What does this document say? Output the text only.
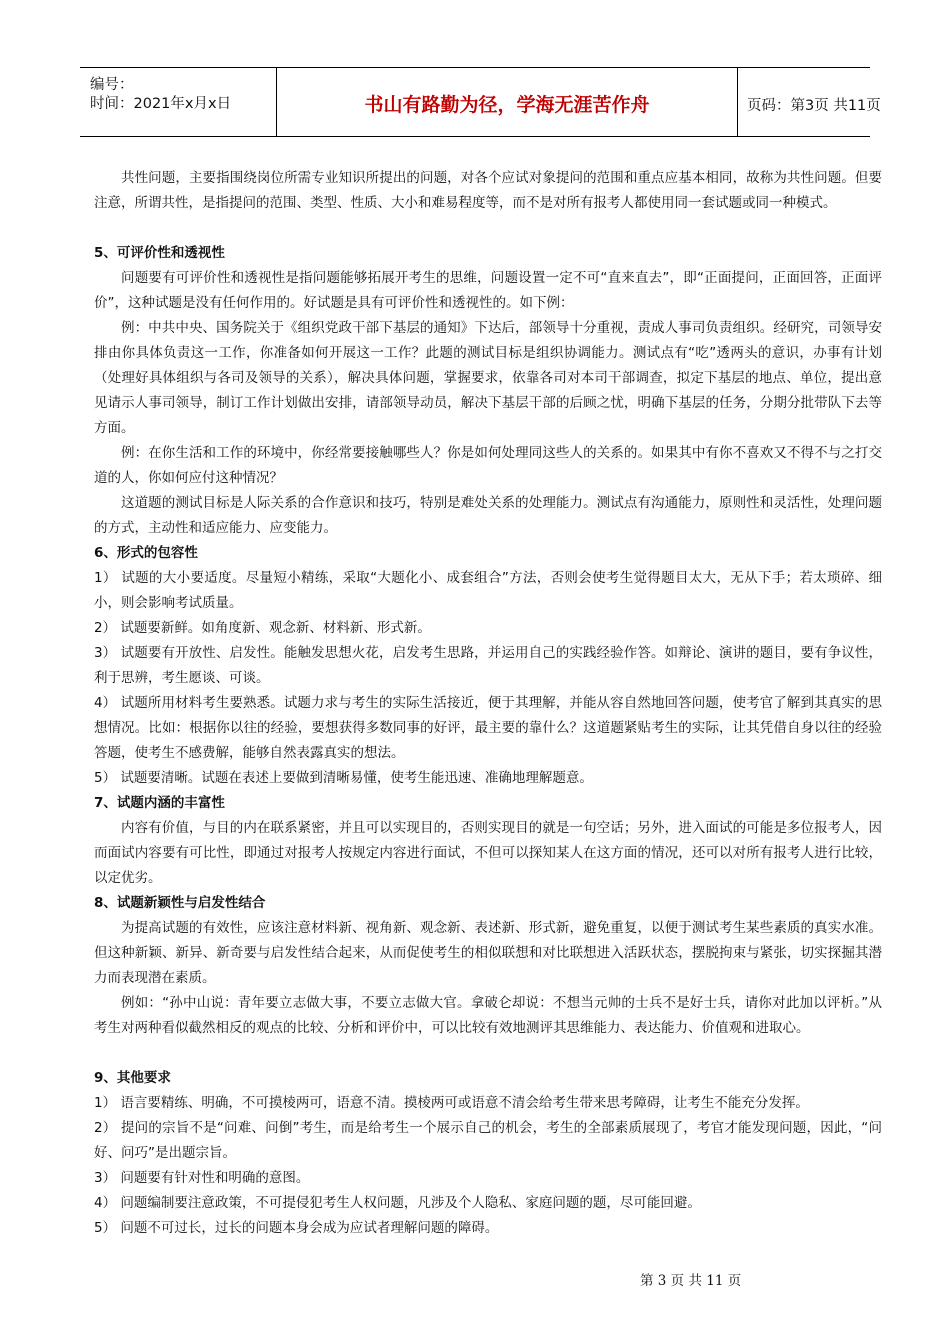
编号：
时间：2021年x月x日	书山有路勤为径，学海无涯苦作舟	页码：第3页 共11页

共性问题，主要指围绕岗位所需专业知识所提出的问题，对各个应试对象提问的范围和重点应基本相同，故称为共性问题。但要注意，所谓共性，是指提问的范围、类型、性质、大小和难易程度等，而不是对所有报考人都使用同一套试题或同一种模式。

5、可评价性和透视性

问题要有可评价性和透视性是指问题能够拓展开考生的思维，问题设置一定不可“直来直去”，即“正面提问，正面回答，正面评价”，这种试题是没有任何作用的。好试题是具有可评价性和透视性的。如下例：

例：中共中央、国务院关于《组织党政干部下基层的通知》下达后，部领导十分重视，责成人事司负责组织。经研究，司领导安排由你具体负责这一工作，你准备如何开展这一工作？此题的测试目标是组织协调能力。测试点有“吃”透两头的意识，办事有计划（处理好具体组织与各司及领导的关系），解决具体问题，掌握要求，依靠各司对本司干部调查，拟定下基层的地点、单位，提出意见请示人事司领导，制订工作计划做出安排，请部领导动员，解决下基层干部的后顾之忧，明确下基层的任务，分期分批带队下去等方面。

例：在你生活和工作的环境中，你经常要接触哪些人？你是如何处理同这些人的关系的。如果其中有你不喜欢又不得不与之打交道的人，你如何应付这种情况？

这道题的测试目标是人际关系的合作意识和技巧，特别是难处关系的处理能力。测试点有沟通能力，原则性和灵活性，处理问题的方式，主动性和适应能力、应变能力。

6、形式的包容性

1） 试题的大小要适度。尽量短小精练，采取“大题化小、成套组合”方法，否则会使考生觉得题目太大，无从下手；若太琐碎、细小，则会影响考试质量。

2） 试题要新鲜。如角度新、观念新、材料新、形式新。

3） 试题要有开放性、启发性。能触发思想火花，启发考生思路，并运用自己的实践经验作答。如辩论、演讲的题目，要有争议性，利于思辨，考生愿谈、可谈。

4） 试题所用材料考生要熟悉。试题力求与考生的实际生活接近，便于其理解，并能从容自然地回答问题，使考官了解到其真实的思想情况。比如：根据你以往的经验，要想获得多数同事的好评，最主要的靠什么？这道题紧贴考生的实际，让其凭借自身以往的经验答题，使考生不感费解，能够自然表露真实的想法。

5） 试题要清晰。试题在表述上要做到清晰易懂，使考生能迅速、准确地理解题意。

7、试题内涵的丰富性

内容有价值，与目的内在联系紧密，并且可以实现目的，否则实现目的就是一句空话；另外，进入面试的可能是多位报考人，因而面试内容要有可比性，即通过对报考人按规定内容进行面试，不但可以探知某人在这方面的情况，还可以对所有报考人进行比较，以定优劣。

8、试题新颖性与启发性结合

为提高试题的有效性，应该注意材料新、视角新、观念新、表述新、形式新，避免重复，以便于测试考生某些素质的真实水准。但这种新颖、新异、新奇要与启发性结合起来，从而促使考生的相似联想和对比联想进入活跃状态，摆脱拘束与紧张，切实探掘其潜力而表现潜在素质。

例如：“孙中山说：青年要立志做大事，不要立志做大官。拿破仑却说：不想当元帅的士兵不是好士兵，请你对此加以评析。”从考生对两种看似截然相反的观点的比较、分析和评价中，可以比较有效地测评其思维能力、表达能力、价值观和进取心。

9、其他要求

1） 语言要精练、明确，不可摸棱两可，语意不清。摸棱两可或语意不清会给考生带来思考障碍，让考生不能充分发挥。

2） 提问的宗旨不是“问难、问倒”考生，而是给考生一个展示自己的机会，考生的全部素质展现了，考官才能发现问题，因此，“问好、问巧”是出题宗旨。

3） 问题要有针对性和明确的意图。

4） 问题编制要注意政策，不可提侵犯考生人权问题，凡涉及个人隐私、家庭问题的题，尽可能回避。

5） 问题不可过长，过长的问题本身会成为应试者理解问题的障碍。

第 3 页 共 11 页
